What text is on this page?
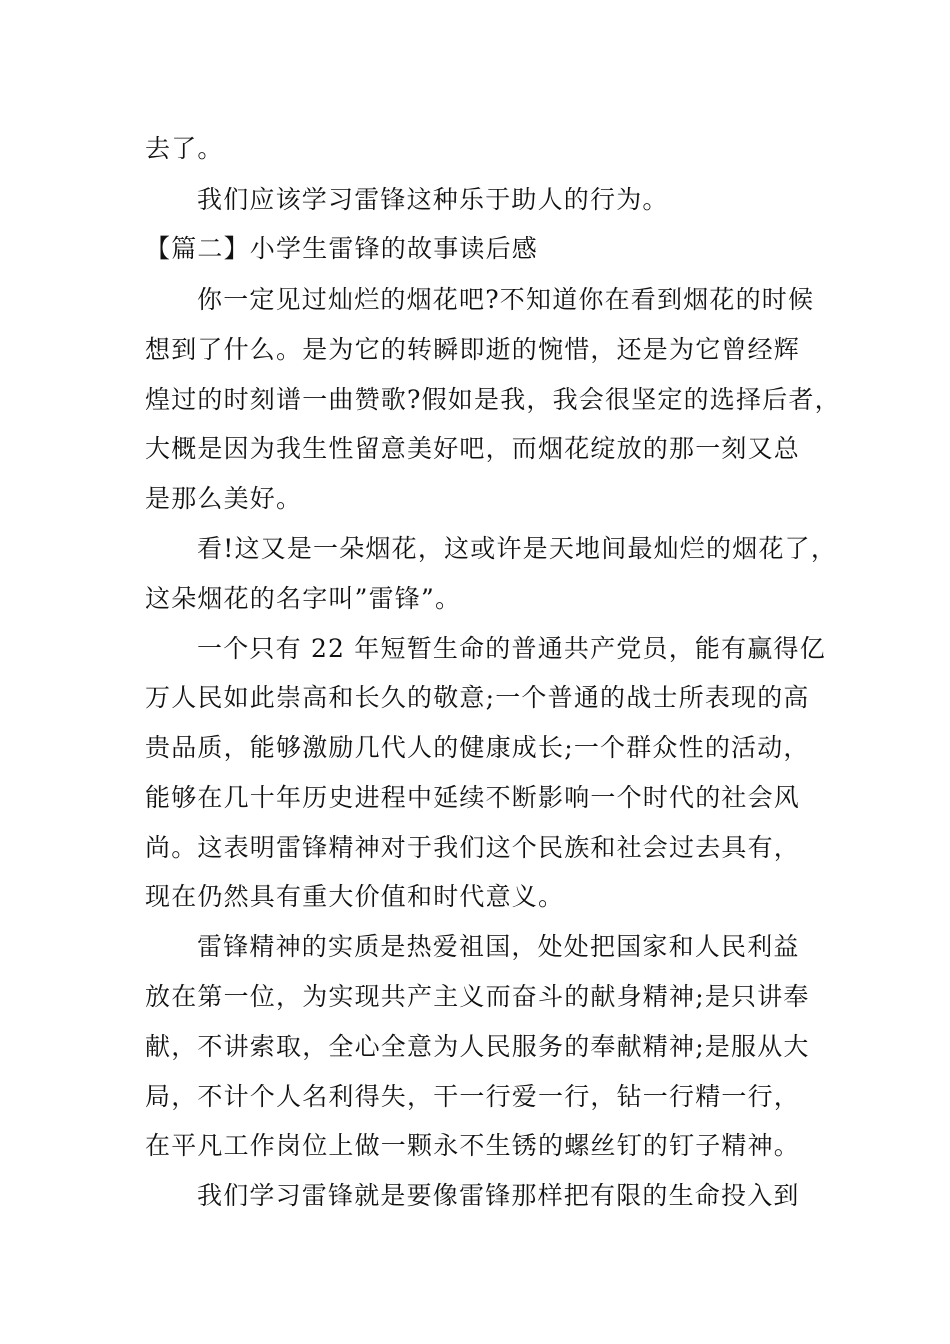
去了。
我们应该学习雷锋这种乐于助人的行为。
【篇二】小学生雷锋的故事读后感
你一定见过灿烂的烟花吧?不知道你在看到烟花的时候
想到了什么。是为它的转瞬即逝的惋惜，还是为它曾经辉
煌过的时刻谱一曲赞歌?假如是我，我会很坚定的选择后者，
大概是因为我生性留意美好吧，而烟花绽放的那一刻又总
是那么美好。
看!这又是一朵烟花，这或许是天地间最灿烂的烟花了，
这朵烟花的名字叫”雷锋”。
一个只有 22 年短暂生命的普通共产党员，能有赢得亿
万人民如此崇高和长久的敬意;一个普通的战士所表现的高
贵品质，能够激励几代人的健康成长;一个群众性的活动，
能够在几十年历史进程中延续不断影响一个时代的社会风
尚。这表明雷锋精神对于我们这个民族和社会过去具有，
现在仍然具有重大价值和时代意义。
雷锋精神的实质是热爱祖国，处处把国家和人民利益
放在第一位，为实现共产主义而奋斗的献身精神;是只讲奉
献，不讲索取，全心全意为人民服务的奉献精神;是服从大
局，不计个人名利得失，干一行爱一行，钻一行精一行，
在平凡工作岗位上做一颗永不生锈的螺丝钉的钉子精神。
我们学习雷锋就是要像雷锋那样把有限的生命投入到
